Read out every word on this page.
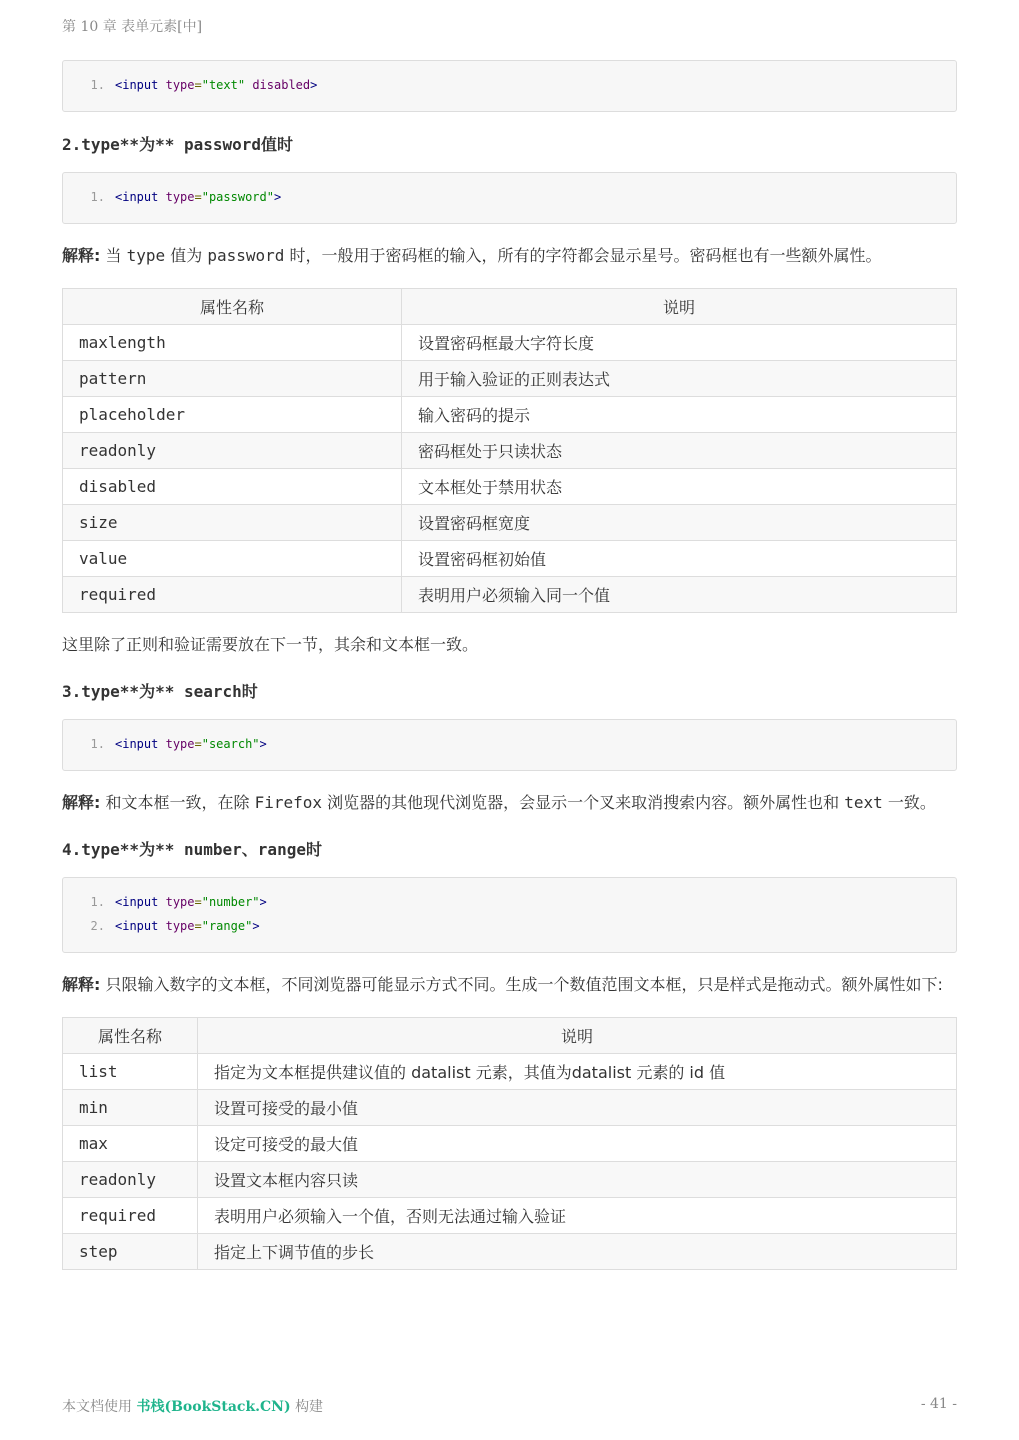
第 10 章 表单元素[中]
1. <input
type = "text"
disabled >
2.type**为** password值时
1. <input
type = "password" >
解释: 当 type 值为 password 时，一般用于密码框的输入，所有的字符都会显示星号。密码框也有一些额外属性。
属性名称	说明
maxlength	设置密码框最大字符长度
pattern	用于输入验证的正则表达式
placeholder	输入密码的提示
readonly	密码框处于只读状态
disabled	文本框处于禁用状态
size	设置密码框宽度
value	设置密码框初始值
required	表明用户必须输入同一个值
这里除了正则和验证需要放在下一节，其余和文本框一致。
3.type**为** search时
1. <input
type = "search" >
解释: 和文本框一致，在除 Firefox 浏览器的其他现代浏览器，会显示一个叉来取消搜索内容。额外属性也和 text 一致。
4.type**为** number、range时
1. <input
type = "number" >
2. <input
type = "range" >
解释: 只限输入数字的文本框，不同浏览器可能显示方式不同。生成一个数值范围文本框，只是样式是拖动式。额外属性如下:
属性名称	说明
list	指定为文本框提供建议值的 datalist 元素，其值为datalist 元素的 id 值
min	设置可接受的最小值
max	设定可接受的最大值
readonly	设置文本框内容只读
required	表明用户必须输入一个值，否则无法通过输入验证
step	指定上下调节值的步长
本文档使用 书栈(BookStack.CN) 构建	- 41 -
